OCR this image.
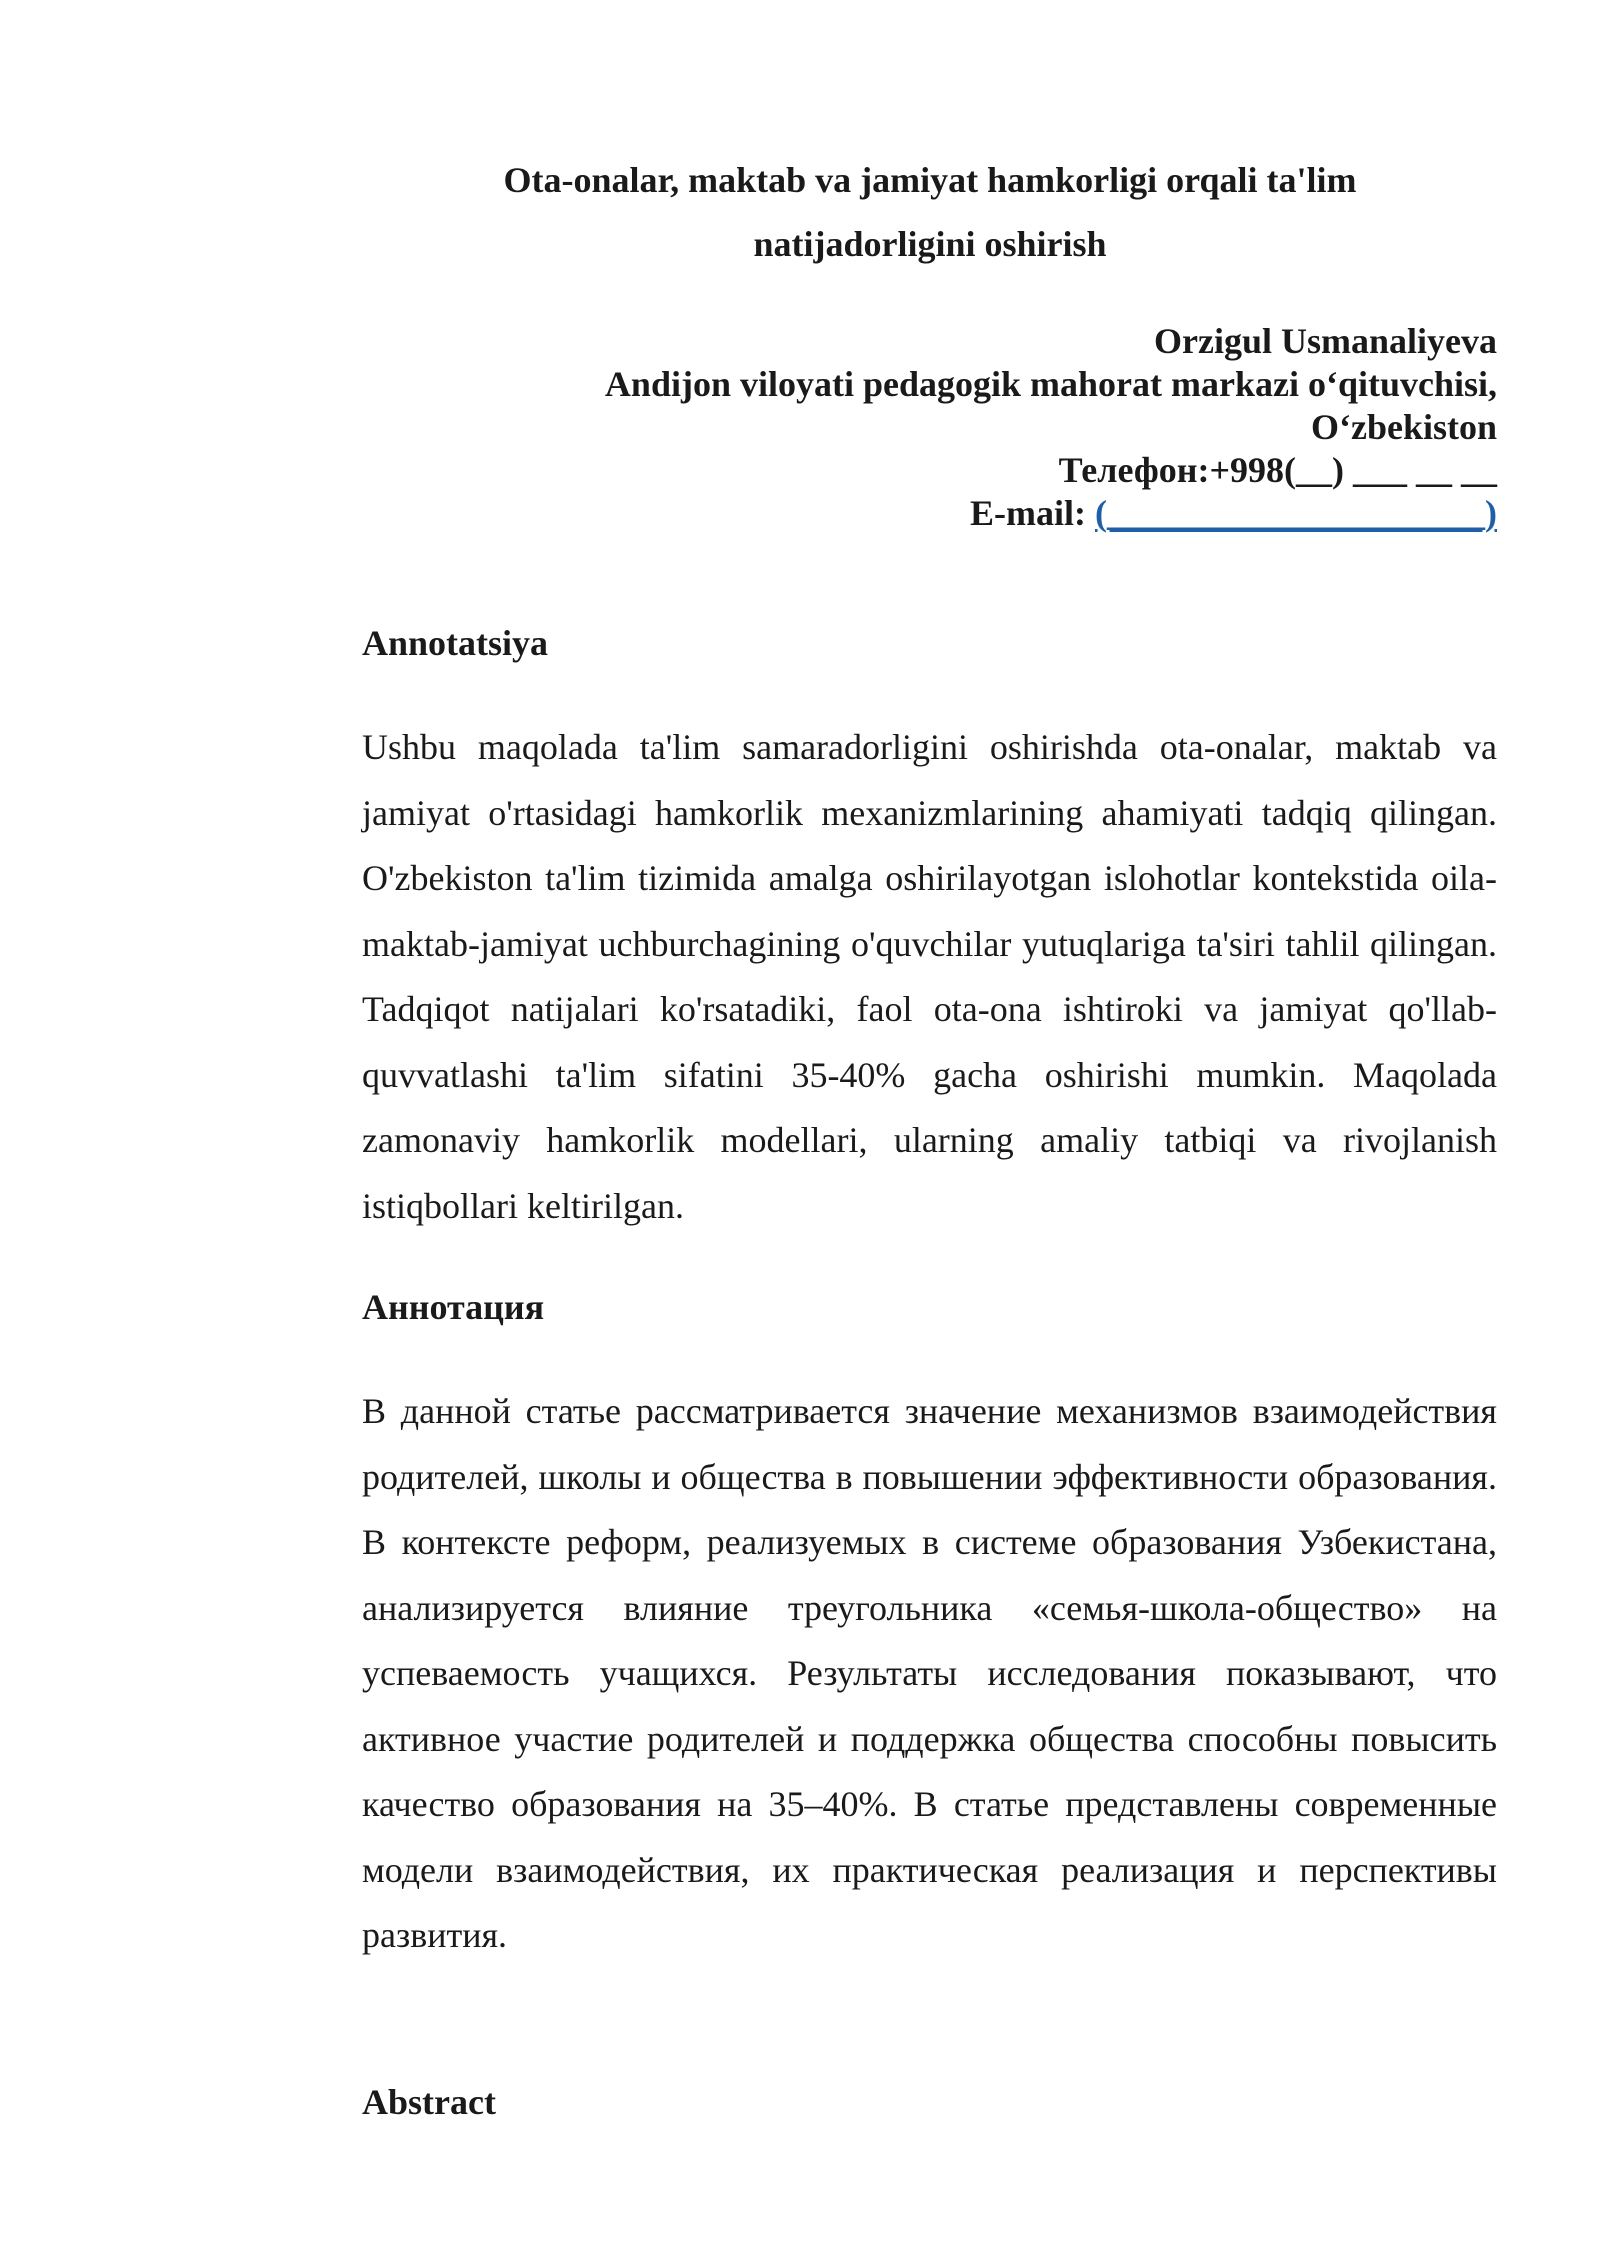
Ota-onalar, maktab va jamiyat hamkorligi orqali ta'lim
natijadorligini oshirish
Orzigul Usmanaliyeva
Andijon viloyati pedagogik mahorat markazi o‘qituvchisi,
O‘zbekiston
Телефон:+998(__) ___ __ __
E-mail: (_____________________)
Annotatsiya

Ushbu maqolada ta'lim samaradorligini oshirishda ota-onalar, maktab va jamiyat o'rtasidagi hamkorlik mexanizmlarining ahamiyati tadqiq qilingan. O'zbekiston ta'lim tizimida amalga oshirilayotgan islohotlar kontekstida oila-maktab-jamiyat uchburchagining o'quvchilar yutuqlariga ta'siri tahlil qilingan. Tadqiqot natijalari ko'rsatadiki, faol ota-ona ishtiroki va jamiyat qo'llab-quvvatlashi ta'lim sifatini 35-40% gacha oshirishi mumkin. Maqolada zamonaviy hamkorlik modellari, ularning amaliy tatbiqi va rivojlanish istiqbollari keltirilgan.

Аннотация

В данной статье рассматривается значение механизмов взаимодействия родителей, школы и общества в повышении эффективности образования. В контексте реформ, реализуемых в системе образования Узбекистана, анализируется влияние треугольника «семья-школа-общество» на успеваемость учащихся. Результаты исследования показывают, что активное участие родителей и поддержка общества способны повысить качество образования на 35–40%. В статье представлены современные модели взаимодействия, их практическая реализация и перспективы развития.

Abstract
